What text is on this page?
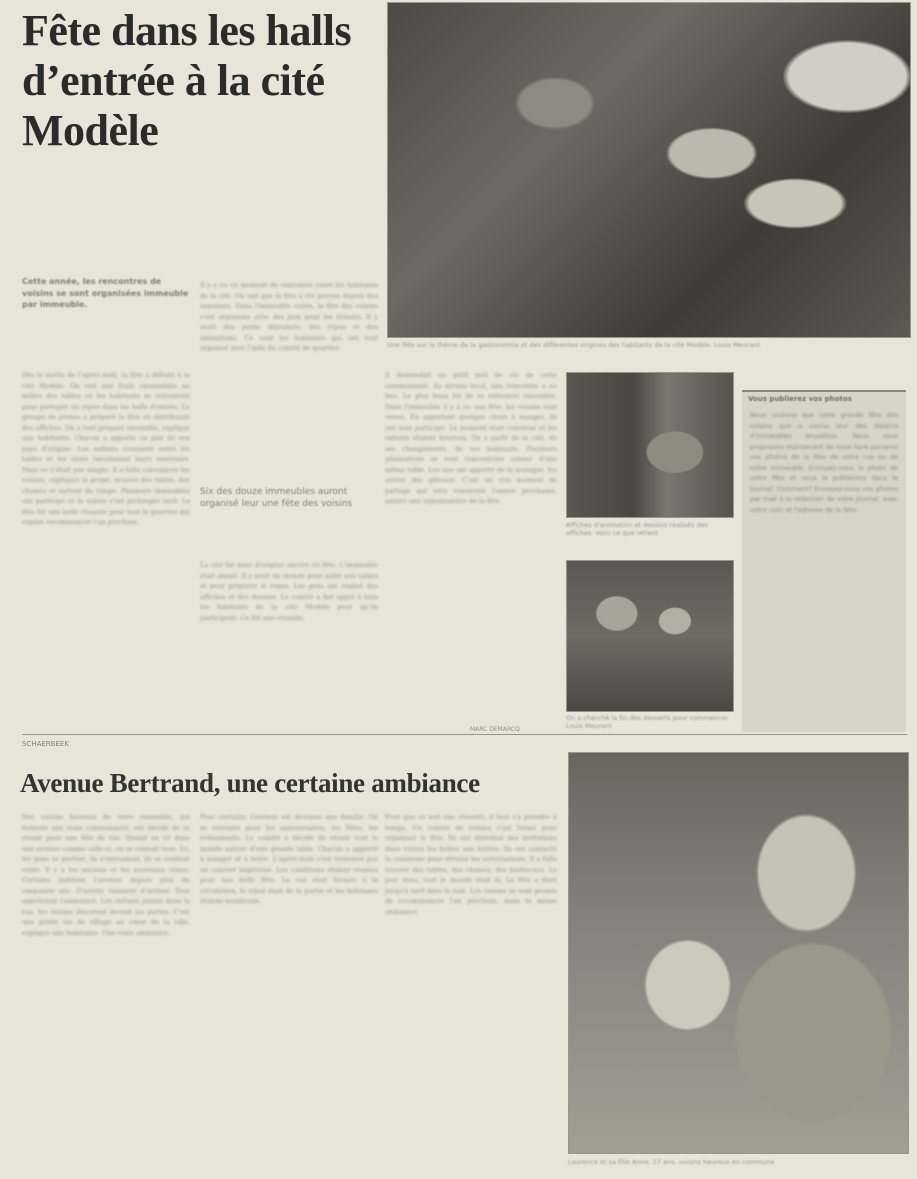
Fête dans les halls d’entrée à la cité Modèle
Une fête sur le thème de la gastronomie et des différentes origines des habitants de la cité Modèle. Louis Meurant
Cette année, les rencontres de voisins se sont organisées immeuble par immeuble.
Dès le matin de l'après-midi, la fête a débuté à la cité Modèle. On voit une foule rassemblée au milieu des tables où les habitants se retrouvent pour partager un repas dans les halls d'entrée. Le groupe de jeunes a préparé la fête en distribuant des affiches. On a tout préparé ensemble, explique une habitante. Chacun a apporté un plat de son pays d'origine. Les enfants couraient entre les tables et les aînés racontaient leurs souvenirs. Mais ce n'était pas simple. Il a fallu convaincre les voisins, expliquer le projet, trouver des tables, des chaises et surtout du temps. Plusieurs immeubles ont participé et la soirée s'est prolongée tard. La fête fut une belle réussite pour tout le quartier qui espère recommencer l'an prochain.
Il y a eu un moment de rencontre entre les habitants de la cité. On sait que la fête a été prévue depuis des semaines. Dans l'immeuble voisin, la fête des voisins s'est organisée avec des jeux pour les enfants. Il y avait des petits déjeuners, des repas et des animations. Ce sont les habitants qui ont tout organisé avec l'aide du comité de quartier.
Six des douze immeubles auront organisé leur une fête des voisins
La cité fut mise d'origine encore en fête. L'immeuble était animé. Il y avait du monde pour aider aux tables et pour préparer le repas. Les gens ont réalisé des affiches et des dessins. Le comité a fait appel à tous les habitants de la cité Modèle pour qu'ils participent. Ce fut une réussite.
Il demandait un petit mot de vie de cette communauté. Au niveau local, une rencontre a eu lieu. Le plus beau fut de se retrouver ensemble. Dans l'immeuble il y a eu une fête, les voisins sont venus. En apportant quelque chose à manger, ils ont tous participé. Le moment était convivial et les enfants étaient heureux. On a parlé de la cité, de ses changements, de ses habitants. Plusieurs générations se sont rencontrées autour d'une même table. Les uns ont apporté de la musique, les autres des gâteaux. C'est un vrai moment de partage qui sera renouvelé l'année prochaine, assure une organisatrice de la fête.
MARC DEMARCQ
Affiches d'animation et dessins réalisés des affiches. Voici ce que retient
On a cherché la fin des desserts pour commencer. Louis Meurant
Vous publierez vos photos
Nous voulons que cette grande fête des voisins que a connu leur des dessins d'immeubles bruxellois. Nous vous proposons maintenant de nous faire parvenir vos photos de la fête de votre rue ou de votre immeuble. Envoyez-nous la photo de votre fête et nous la publierons dans le journal. Comment? Envoyez-nous vos photos par mail à la rédaction de votre journal, avec votre nom et l'adresse de la fête.
SCHAERBEEK
Avenue Bertrand, une certaine ambiance
Des voisins heureux de vivre ensemble, qui forment une vraie communauté, ont décidé de se réunir pour une fête de rue. Quand on vit dans une avenue comme celle-ci, on se connaît tous. Ici, les gens se parlent, ils s'entraident, ils se rendent visite. Il y a les anciens et les nouveaux venus. Certains habitent l'avenue depuis plus de cinquante ans. D'autres viennent d'arriver. Tous apprécient l'ambiance. Les enfants jouent dans la rue, les voisins discutent devant les portes. C'est une petite vie de village au cœur de la ville, explique une habitante. Une vraie ambiance.
Pour certains, l'avenue est devenue une famille. On se retrouve pour les anniversaires, les fêtes, les événements. Le comité a décidé de réunir tout le monde autour d'une grande table. Chacun a apporté à manger et à boire. L'après-midi s'est terminée par un concert improvisé. Les conditions étaient réunies pour une belle fête. La rue était fermée à la circulation, le soleil était de la partie et les habitants étaient nombreux.
Pour que ce soit une réussite, il faut s'y prendre à temps. Un comité de voisins s'est formé pour organiser la fête. Ils ont distribué des invitations dans toutes les boîtes aux lettres. Ils ont contacté la commune pour obtenir les autorisations. Il a fallu trouver des tables, des chaises, des barbecues. Le jour venu, tout le monde était là. La fête a duré jusqu'à tard dans la nuit. Les voisins se sont promis de recommencer l'an prochain, dans la même ambiance.
Laurence et sa fille Anne, 27 ans, voisins heureux en commune
